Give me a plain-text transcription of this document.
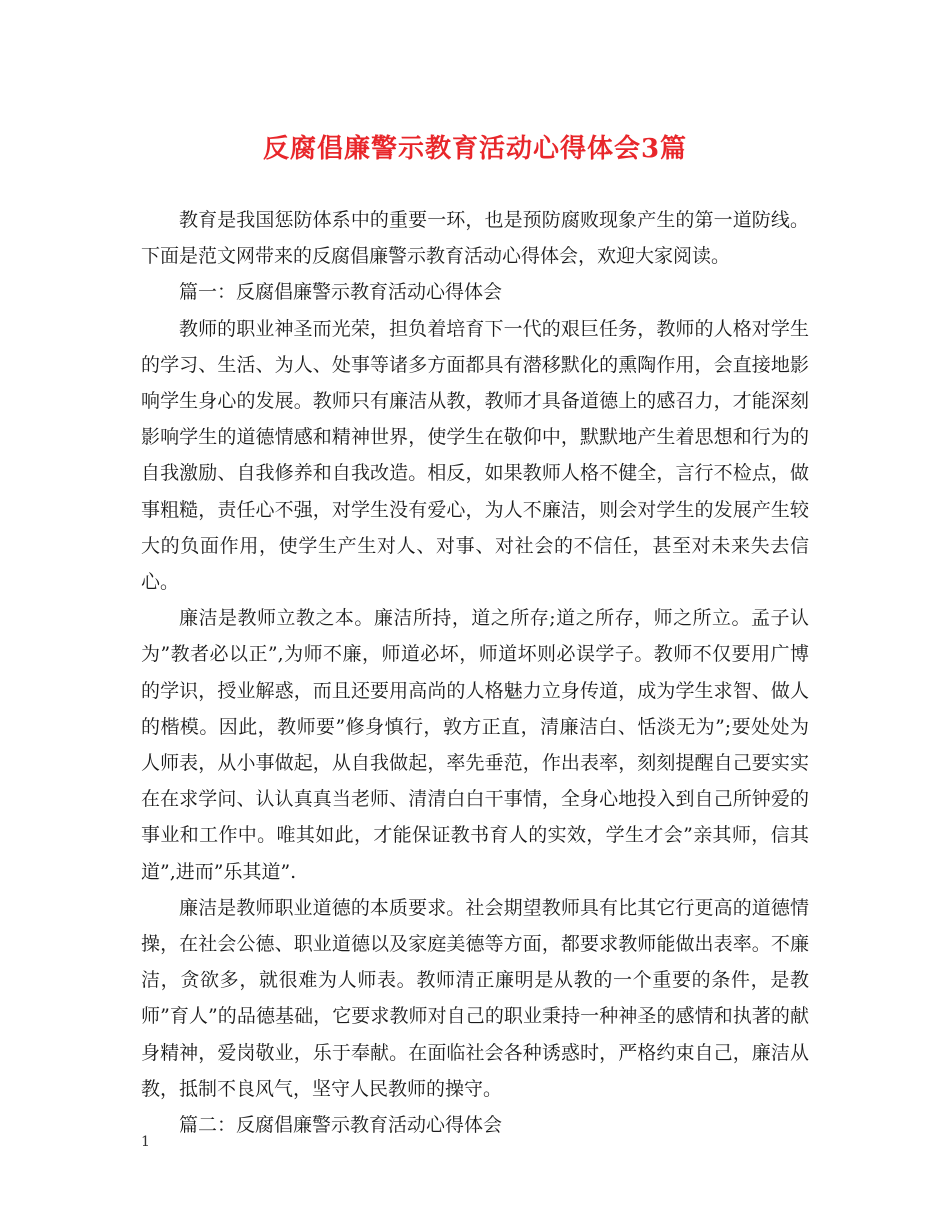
反腐倡廉警示教育活动心得体会3篇

教育是我国惩防体系中的重要一环，也是预防腐败现象产生的第一道防线。下面是范文网带来的反腐倡廉警示教育活动心得体会，欢迎大家阅读。

篇一：反腐倡廉警示教育活动心得体会

教师的职业神圣而光荣，担负着培育下一代的艰巨任务，教师的人格对学生的学习、生活、为人、处事等诸多方面都具有潜移默化的熏陶作用，会直接地影响学生身心的发展。教师只有廉洁从教，教师才具备道德上的感召力，才能深刻影响学生的道德情感和精神世界，使学生在敬仰中，默默地产生着思想和行为的自我激励、自我修养和自我改造。相反，如果教师人格不健全，言行不检点，做事粗糙，责任心不强，对学生没有爱心，为人不廉洁，则会对学生的发展产生较大的负面作用，使学生产生对人、对事、对社会的不信任，甚至对未来失去信心。

廉洁是教师立教之本。廉洁所持，道之所存;道之所存，师之所立。孟子认为”教者必以正”,为师不廉，师道必坏，师道坏则必误学子。教师不仅要用广博的学识，授业解惑，而且还要用高尚的人格魅力立身传道，成为学生求智、做人的楷模。因此，教师要”修身慎行，敦方正直，清廉洁白、恬淡无为”;要处处为人师表，从小事做起，从自我做起，率先垂范，作出表率，刻刻提醒自己要实实在在求学问、认认真真当老师、清清白白干事情，全身心地投入到自己所钟爱的事业和工作中。唯其如此，才能保证教书育人的实效，学生才会”亲其师，信其道”,进而”乐其道”.

廉洁是教师职业道德的本质要求。社会期望教师具有比其它行更高的道德情操，在社会公德、职业道德以及家庭美德等方面，都要求教师能做出表率。不廉洁，贪欲多，就很难为人师表。教师清正廉明是从教的一个重要的条件，是教师”育人”的品德基础，它要求教师对自己的职业秉持一种神圣的感情和执著的献身精神，爱岗敬业，乐于奉献。在面临社会各种诱惑时，严格约束自己，廉洁从教，抵制不良风气，坚守人民教师的操守。

篇二：反腐倡廉警示教育活动心得体会

1
